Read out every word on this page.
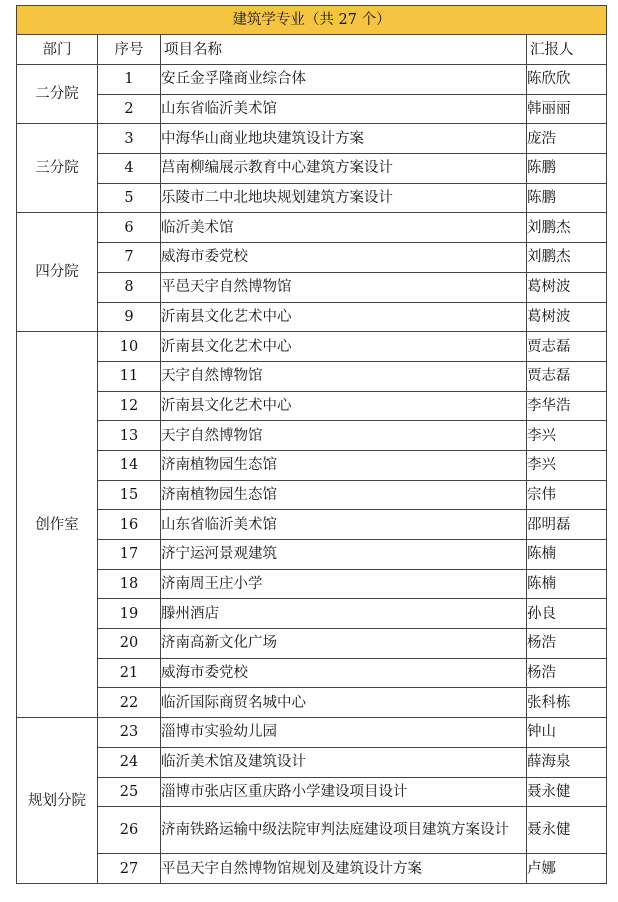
建筑学专业（共 27 个）			
部门	序号	项目名称	汇报人
二分院	1	安丘金孚隆商业综合体	陈欣欣
	2	山东省临沂美术馆	韩丽丽
三分院	3	中海华山商业地块建筑设计方案	庞浩
	4	莒南柳编展示教育中心建筑方案设计	陈鹏
	5	乐陵市二中北地块规划建筑方案设计	陈鹏
四分院	6	临沂美术馆	刘鹏杰
	7	威海市委党校	刘鹏杰
	8	平邑天宇自然博物馆	葛树波
	9	沂南县文化艺术中心	葛树波
创作室	10	沂南县文化艺术中心	贾志磊
	11	天宇自然博物馆	贾志磊
	12	沂南县文化艺术中心	李华浩
	13	天宇自然博物馆	李兴
	14	济南植物园生态馆	李兴
	15	济南植物园生态馆	宗伟
	16	山东省临沂美术馆	邵明磊
	17	济宁运河景观建筑	陈楠
	18	济南周王庄小学	陈楠
	19	滕州酒店	孙良
	20	济南高新文化广场	杨浩
	21	威海市委党校	杨浩
	22	临沂国际商贸名城中心	张科栋
规划分院	23	淄博市实验幼儿园	钟山
	24	临沂美术馆及建筑设计	薛海泉
	25	淄博市张店区重庆路小学建设项目设计	聂永健
	26	济南铁路运输中级法院审判法庭建设项目建筑方案设计	聂永健
	27	平邑天宇自然博物馆规划及建筑设计方案	卢娜
